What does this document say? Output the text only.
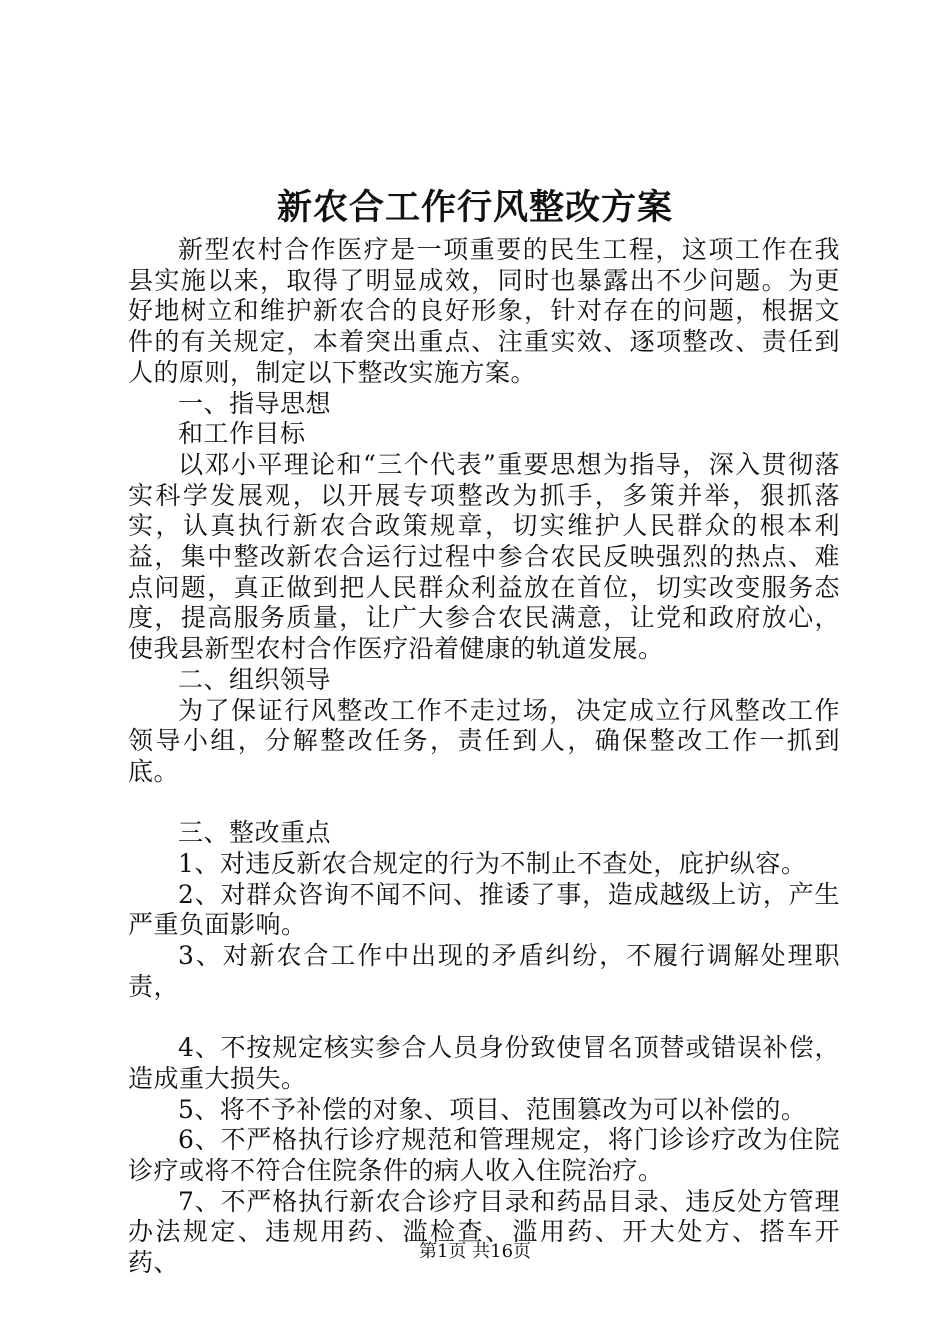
新农合工作行风整改方案

新型农村合作医疗是一项重要的民生工程，这项工作在我县实施以来，取得了明显成效，同时也暴露出不少问题。为更好地树立和维护新农合的良好形象，针对存在的问题，根据文件的有关规定，本着突出重点、注重实效、逐项整改、责任到人的原则，制定以下整改实施方案。

一、指导思想

和工作目标

以邓小平理论和“三个代表”重要思想为指导，深入贯彻落实科学发展观，以开展专项整改为抓手，多策并举，狠抓落实，认真执行新农合政策规章，切实维护人民群众的根本利益，集中整改新农合运行过程中参合农民反映强烈的热点、难点问题，真正做到把人民群众利益放在首位，切实改变服务态度，提高服务质量，让广大参合农民满意，让党和政府放心，使我县新型农村合作医疗沿着健康的轨道发展。

二、组织领导

为了保证行风整改工作不走过场，决定成立行风整改工作领导小组，分解整改任务，责任到人，确保整改工作一抓到底。

三、整改重点

1、对违反新农合规定的行为不制止不查处，庇护纵容。

2、对群众咨询不闻不问、推诿了事，造成越级上访，产生严重负面影响。

3、对新农合工作中出现的矛盾纠纷，不履行调解处理职责，

4、不按规定核实参合人员身份致使冒名顶替或错误补偿，造成重大损失。

5、将不予补偿的对象、项目、范围篡改为可以补偿的。

6、不严格执行诊疗规范和管理规定，将门诊诊疗改为住院诊疗或将不符合住院条件的病人收入住院治疗。

7、不严格执行新农合诊疗目录和药品目录、违反处方管理办法规定、违规用药、滥检查、滥用药、开大处方、搭车开药、	第1页 共16页
